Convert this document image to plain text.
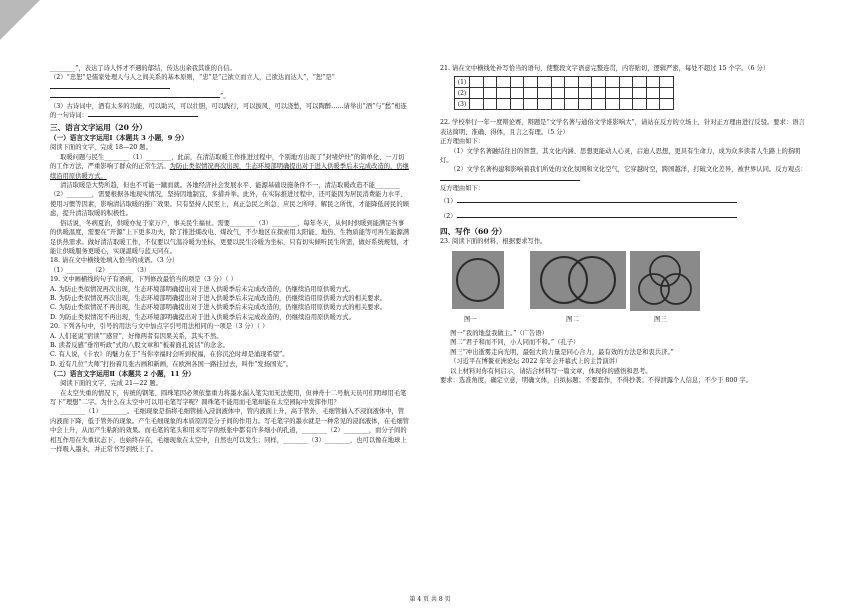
________”，表达了诗人怀才不遇的郁结，传达出余我其谁的自信。

（2）“忠恕”是儒家处理人与人之间关系的基本原则，“忠”是“己欲立而立人，己欲达而达人”，“恕”是“

”。

（3）古诗词中，酒有太多的功能，可以助兴，可以壮胆，可以践行，可以拔风，可以浇愁，可以陶醉……请举出“酒”与“愁”相连的一句诗词：

三、语言文字运用（20 分）

（一）语言文字运用Ⅰ（本题共 3 小题，9 分）

阅读下面的文字，完成 18—20 题。

取暖问题与民生________（1）________，此前，在清洁取暖工作推进过程中，个别地方出现了“封堵炉灶”的简单化、一刀切的工作方法，严重影响了群众的正常生活。为防止类似情况再次出现，生态环境部明确提出对于进入供暖季后未完成改造的，仍继续沿用原供暖方式。

清洁取暖是大势所趋，但也不可能一蹴而就。各地经济社会发展水平、能源基础设施条件不一，清洁取暖改造不能________（2）________，需要根据各地现实情况，坚持因地制宜、多措并举。此外，在实际推进过程中，还可能因为居民消费能力水平、使用习惯等因素，影响清洁取暖的推广效果。只有坚持人民至上，真正急民之所急、应民之所呼、解民之所忧，才能降低居民的顾虑，提升清洁取暖的积极性。

俗话说，冬病夏治，供暖亦复于家万户，事关民生福祉。需要________（3）________，每年冬天，从何时供暖到能满足当事的供暖温度，需要在“开源”上下更多功夫，除了推进煤改电、煤改气，不少地区在探索用太阳能、地热、生物质能等可再生能源满足供热需求。做好清洁取暖工作，不仅要以气温冷暖为坐标，更要以民生冷暖为坐标，只有切实倾听民生所需，做好系统规划，才能让供暖服务更暖心，实现温暖与蓝天同在。

18. 请在文中横线处填入恰当的成语。（3 分）

（1）________（2）________（3）________

19. 文中画横线的句子有语病，下列修改最恰当的项是（3 分）（ ）

A. 为防止类似情况再次出现，生态环境部明确提出对于进入供暖季后未完成改造的，仍继续沿用原供暖方式。

B. 为防止类似情况再次出现，生态环境部明确提出对于进入供暖季后未完成改造的，仍继续沿用原供暖方式的相关要求。

C. 为防止类似情况不再出现，生态环境部明确提出对于进入供暖季后未完成改造的，仍继续沿用原供暖方式的相关要求。

D. 为防止类似情况不再出现，生态环境部明确提出对于进入供暖季后未完成改造的，仍继续沿用原供暖方式。

20. 下列各句中，引号的用法与文中加点字引号用法相同的一项是（3 分）（ ）

A. 人们老说“宿读”“感冒”，好像两者有因果关系，其实不然。

B. 读者反感“垂帘听政”式的八股文章和“板着面孔说话”的念念。

C. 有人说，《卡农》的魅力在于“当你幸福时会听到祝福，在你沉沦时却是涌现希望”。

D. 近有几位“大师”打扮着几张古画和新画，在欧洲各国一路挂过去，叫作“发扬国光”。

（二）语言文字运用Ⅱ（本题共 2 小题，11 分）

阅读下面的文字，完成 21—22 题。

在太空失重的情况下，传统的钢笔、圆珠笔因必须依靠重力将墨水漏入笔尖而无法使用，但神舟十二号航天员可们明却用毛笔写下“理想”二字。为什么在太空中可以用毛笔写字呢？圆珠笔不能用而毛笔却能在太空园际中发挥作用？

________（1）________。毛细现象是指将毛细管插入浸润液体中，管内液面上升，高于管外，毛细管插入不浸润液体中，管内液面下降，低于管外的现象。产生毛细现象的本质原因是分子间的作用力。写毛笔字的墨水就是一种常见的浸润液体，在毛细管中会上升，从而产生粘附的效果。而毛笔的笔头和用来写字的纸张中都有许多细小的孔道，________（2）________，而分子间的相互作用在失重状态下，也始终存在，毛细现象在太空中，自然也可以发生；同样，________（3）________，也可以像在地球上一样吸入墨水，并正常书写到纸上了。

21. 请在文中横线处补写恰当的语句，使整段文字语意完整连贯，内容贴切，逻辑严密，每处不超过 15 个字。（6 分）

(1)															
(2)															
(3)															

22. 学校举行一年一度辩论赛，辩题是“文学名著与通俗文学谁影响大”，请站在反方的立场上，针对正方理由进行反驳。要求：语言表达简明、准确、得体，且言之有理。（5 分）

正方理由如下：

（1）文学名著融结往日的智慧，其文化内涵、思想更能动人心灵，启迪人思想，更具有生命力，成为众多读者人生路上的指明灯。

（2）文学名著构建和影响着我们所处的文化氛围和文化空气，它穿越时空，跨国越洋，打破文化差异，被世界认同。反方观点：

反方理由如下：

（1）

（2）

四、写作（60 分）

23. 阅读下面的材料，根据要求写作。

图一	图二	图三

图一“我的地盘我做主。”（广告语）

图二“君子和而不同，小人同而不和。”（孔子）

图三“冲出逝雾走向光明，最强大的力量是同心合力，最有效的方法是和衷共济。”

（习近平在博鳌亚洲论坛 2022 年年会开幕式上的主旨演讲）

以上材料对你有何启示，请结合材料写一篇文章，体现你的感悟和思考。

要求：选准角度，确定立意，明确文体，自拟标题；不要套作，不得抄袭；不得泄露个人信息；不少于 800 字。

第 4 页 共 8 页
